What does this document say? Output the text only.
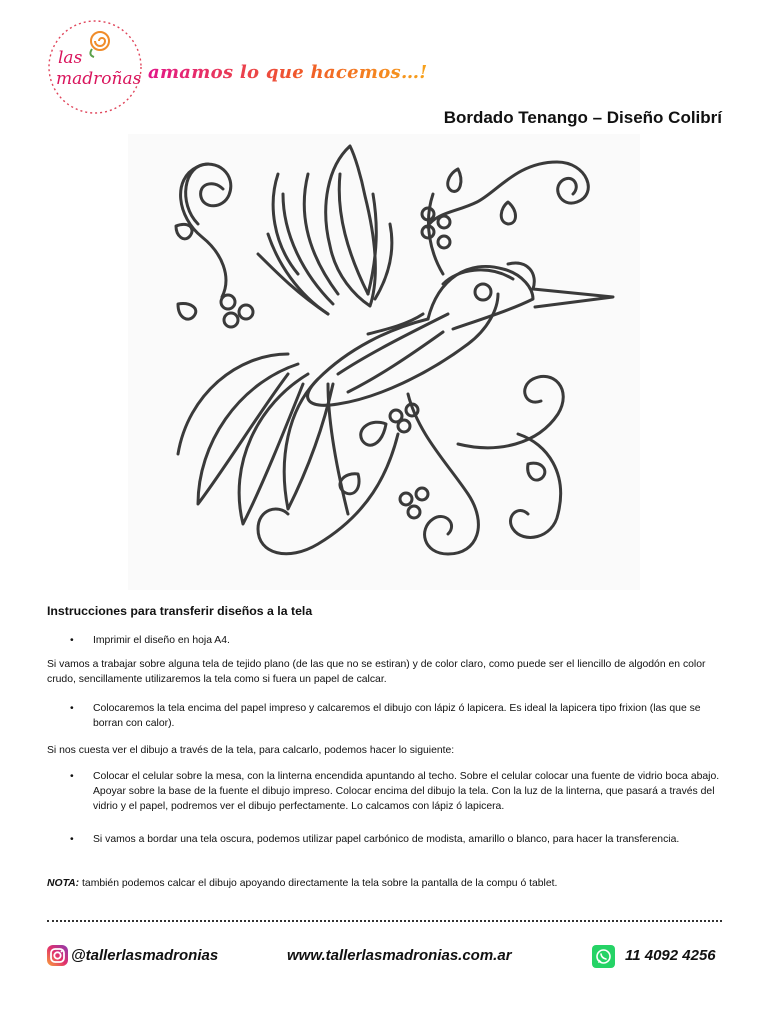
las
madroñas amamos lo que hacemos…!
Bordado Tenango – Diseño Colibrí
Instrucciones para transferir diseños a la tela
• Imprimir el diseño en hoja A4.
Si vamos a trabajar sobre alguna tela de tejido plano (de las que no se estiran) y de color claro, como puede ser el liencillo de algodón en color crudo, sencillamente utilizaremos la tela como si fuera un papel de calcar.
• Colocaremos la tela encima del papel impreso y calcaremos el dibujo con lápiz ó lapicera. Es ideal la lapicera tipo frixion (las que se borran con calor).
Si nos cuesta ver el dibujo a través de la tela, para calcarlo, podemos hacer lo siguiente:
• Colocar el celular sobre la mesa, con la linterna encendida apuntando al techo. Sobre el celular colocar una fuente de vidrio boca abajo. Apoyar sobre la base de la fuente el dibujo impreso. Colocar encima del dibujo la tela. Con la luz de la linterna, que pasará a través del vidrio y el papel, podremos ver el dibujo perfectamente. Lo calcamos con lápiz ó lapicera.
• Si vamos a bordar una tela oscura, podemos utilizar papel carbónico de modista, amarillo o blanco, para hacer la transferencia.
NOTA: también podemos calcar el dibujo apoyando directamente la tela sobre la pantalla de la compu ó tablet.
@tallerlasmadronias	www.tallerlasmadronias.com.ar	11 4092 4256
